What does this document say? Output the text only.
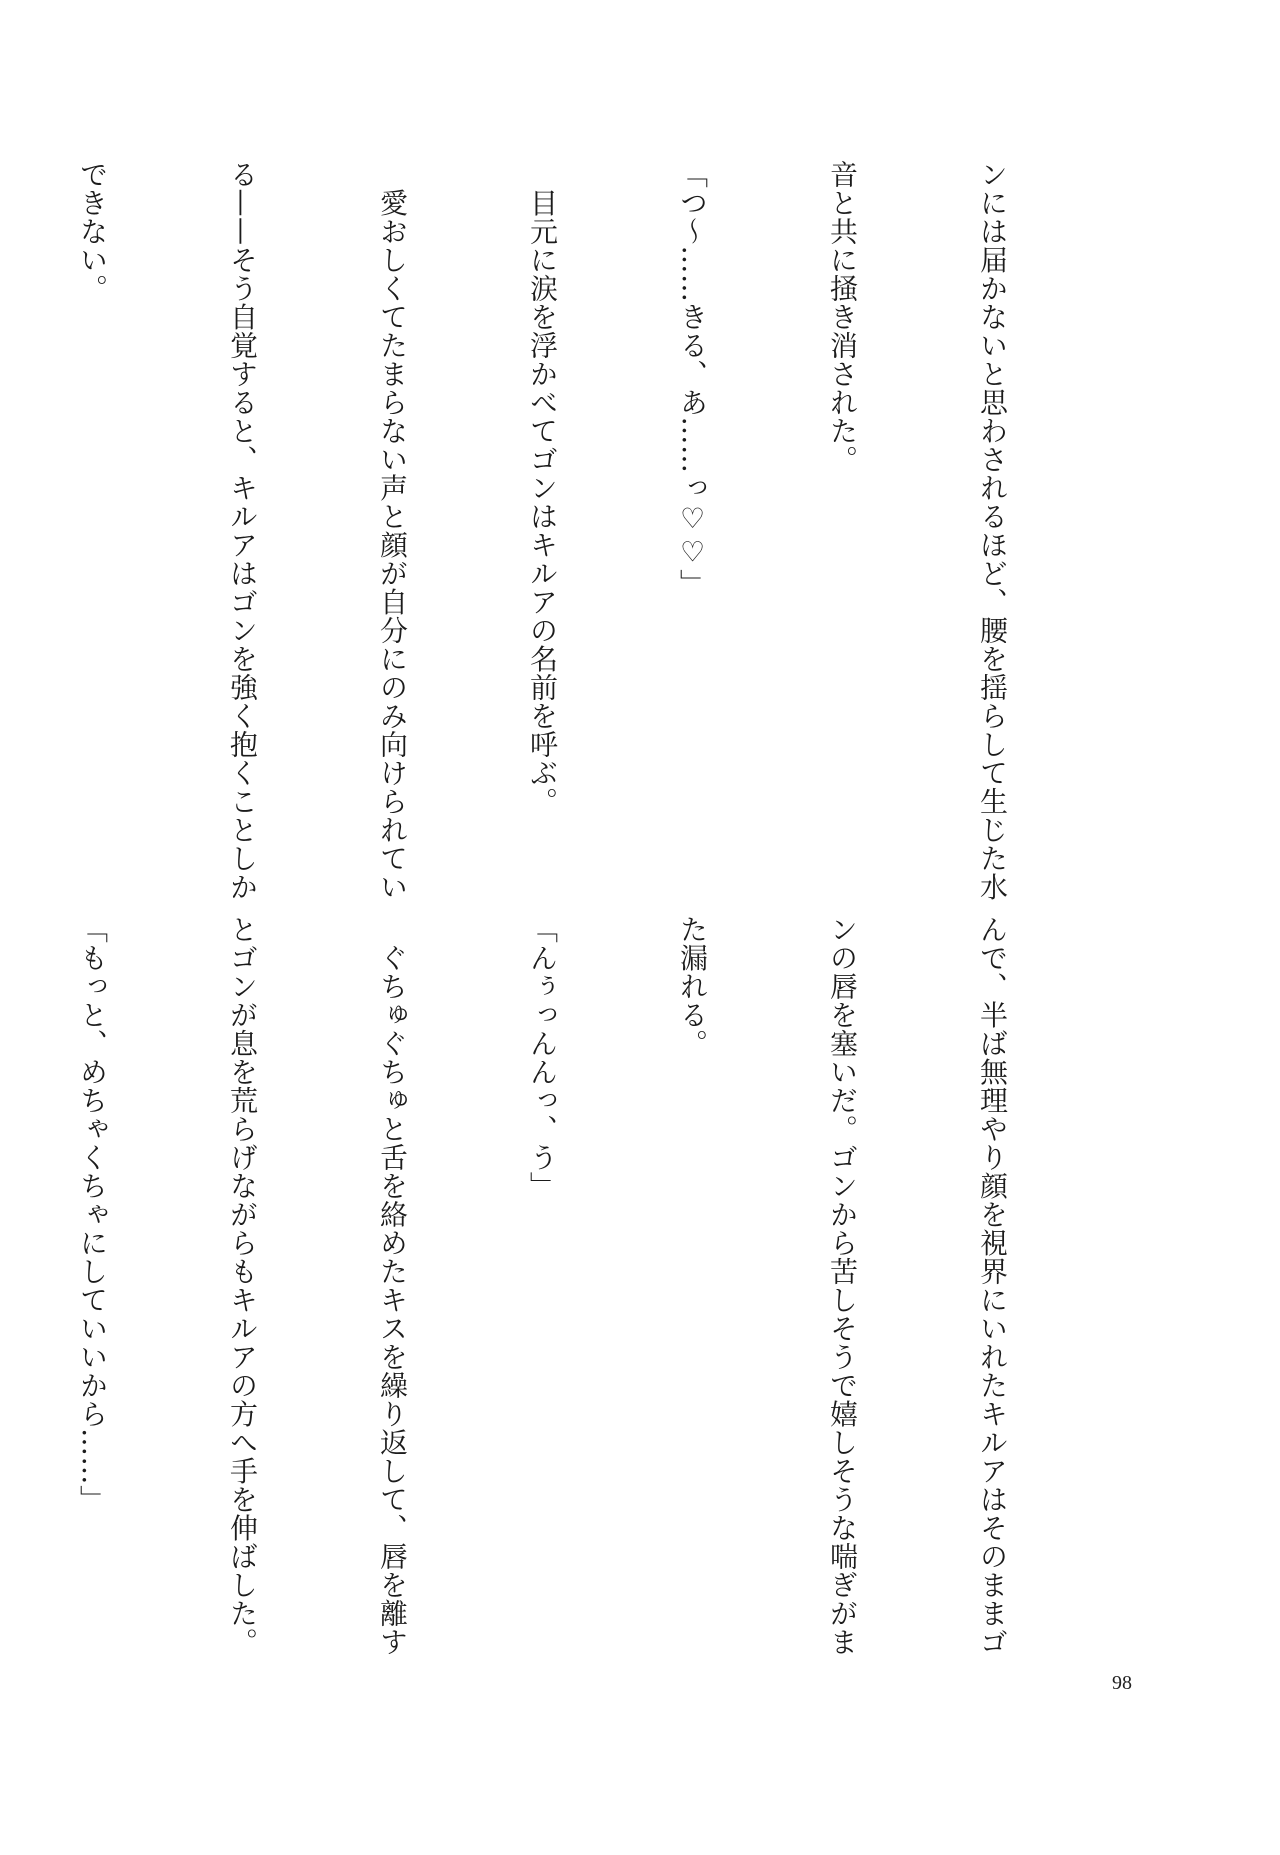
ンには届かないと思わされるほど、腰を揺らして生じた水

音と共に掻き消された。

「つ〜……きる、あ……っ♡♡」

　目元に涙を浮かべてゴンはキルアの名前を呼ぶ。

　愛おしくてたまらない声と顔が自分にのみ向けられてい

る——そう自覚すると、キルアはゴンを強く抱くことしか

できない。

んで、半ば無理やり顔を視界にいれたキルアはそのままゴ

ンの唇を塞いだ。ゴンから苦しそうで嬉しそうな喘ぎがま

た漏れる。

「んぅっんんっ、う」

　ぐちゅぐちゅと舌を絡めたキスを繰り返して、唇を離す

とゴンが息を荒らげながらもキルアの方へ手を伸ばした。

「もっと、めちゃくちゃにしていいから……」

98
